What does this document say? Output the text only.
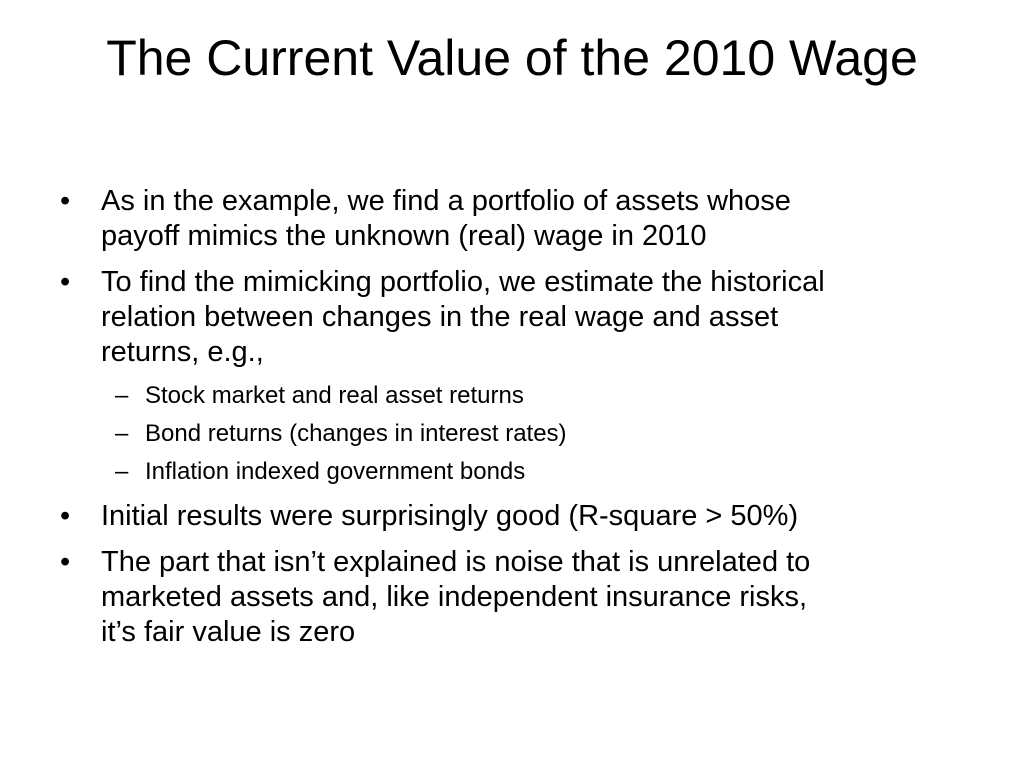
The Current Value of the 2010 Wage
•	As in the example, we find a portfolio of assets whose
payoff mimics the unknown (real) wage in 2010
•	To find the mimicking portfolio, we estimate the historical
relation between changes in the real wage and asset
returns, e.g.,
– Stock market and real asset returns
– Bond returns (changes in interest rates)
– Inflation indexed government bonds
•	Initial results were surprisingly good (R-square > 50%)
•	The part that isn’t explained is noise that is unrelated to
marketed assets and, like independent insurance risks,
it’s fair value is zero
